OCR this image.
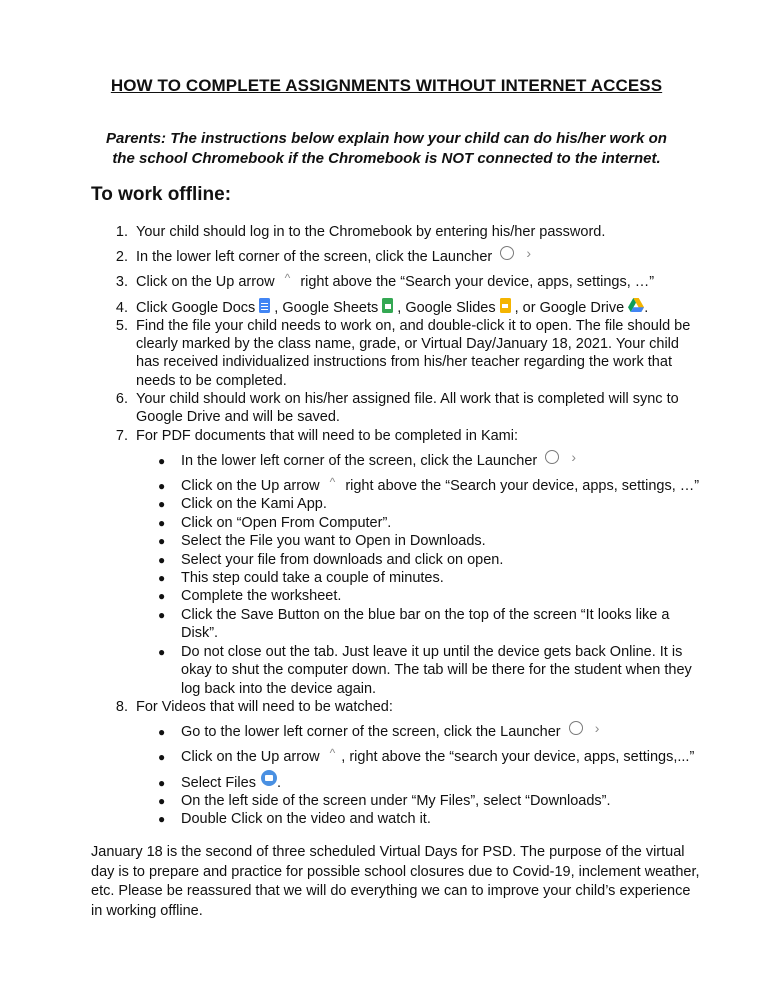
HOW TO COMPLETE ASSIGNMENTS WITHOUT INTERNET ACCESS
Parents: The instructions below explain how your child can do his/her work on
the school Chromebook if the Chromebook is NOT connected to the internet.
To work offline:
1. Your child should log in to the Chromebook by entering his/her password.
2. In the lower left corner of the screen, click the Launcher ›
3. Click on the Up arrow ^ right above the “Search your device, apps, settings, …”
4. Click Google Docs , Google Sheets , Google Slides , or Google Drive .
5. Find the file your child needs to work on, and double-click it to open. The file should be
clearly marked by the class name, grade, or Virtual Day/January 18, 2021. Your child
has received individualized instructions from his/her teacher regarding the work that
needs to be completed.
6. Your child should work on his/her assigned file. All work that is completed will sync to
Google Drive and will be saved.
7. For PDF documents that will need to be completed in Kami:
● In the lower left corner of the screen, click the Launcher ›
● Click on the Up arrow ^ right above the “Search your device, apps, settings, …”
● Click on the Kami App.
● Click on “Open From Computer”.
● Select the File you want to Open in Downloads.
● Select your file from downloads and click on open.
● This step could take a couple of minutes.
● Complete the worksheet.
● Click the Save Button on the blue bar on the top of the screen “It looks like a
Disk”.
● Do not close out the tab. Just leave it up until the device gets back Online. It is
okay to shut the computer down. The tab will be there for the student when they
log back into the device again.
8. For Videos that will need to be watched:
● Go to the lower left corner of the screen, click the Launcher ›
● Click on the Up arrow ^ , right above the “search your device, apps, settings,...”
● Select Files .
● On the left side of the screen under “My Files”, select “Downloads”.
● Double Click on the video and watch it.
January 18 is the second of three scheduled Virtual Days for PSD. The purpose of the virtual
day is to prepare and practice for possible school closures due to Covid-19, inclement weather,
etc. Please be reassured that we will do everything we can to improve your child’s experience
in working offline.
